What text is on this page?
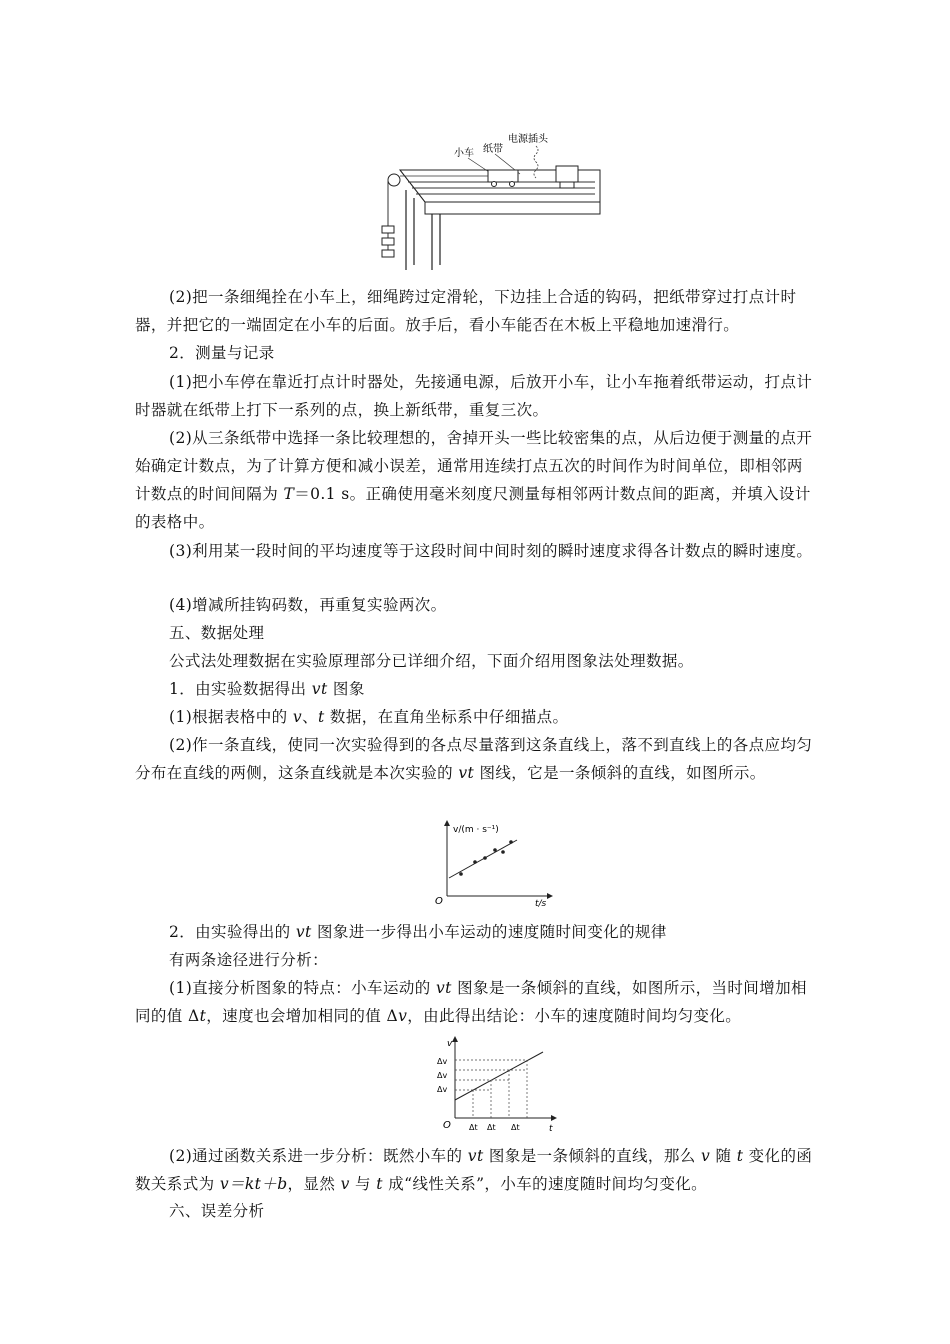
小车 纸带
电源插头

(2)把一条细绳拴在小车上，细绳跨过定滑轮，下边挂上合适的钩码，把纸带穿过打点计时器，并把它的一端固定在小车的后面。放手后，看小车能否在木板上平稳地加速滑行。

2．测量与记录

(1)把小车停在靠近打点计时器处，先接通电源，后放开小车，让小车拖着纸带运动，打点计时器就在纸带上打下一系列的点，换上新纸带，重复三次。

(2)从三条纸带中选择一条比较理想的，舍掉开头一些比较密集的点，从后边便于测量的点开始确定计数点，为了计算方便和减小误差，通常用连续打点五次的时间作为时间单位，即相邻两计数点的时间间隔为 T＝0.1 s。正确使用毫米刻度尺测量每相邻两计数点间的距离，并填入设计的表格中。

(3)利用某一段时间的平均速度等于这段时间中间时刻的瞬时速度求得各计数点的瞬时速度。

(4)增减所挂钩码数，再重复实验两次。

五、数据处理

公式法处理数据在实验原理部分已详细介绍，下面介绍用图象法处理数据。

1．由实验数据得出 vt 图象

(1)根据表格中的 v、t 数据，在直角坐标系中仔细描点。

(2)作一条直线，使同一次实验得到的各点尽量落到这条直线上，落不到直线上的各点应均匀分布在直线的两侧，这条直线就是本次实验的 vt 图线，它是一条倾斜的直线，如图所示。

v/(m · s⁻¹)
t/s
O

2．由实验得出的 vt 图象进一步得出小车运动的速度随时间变化的规律

有两条途径进行分析：

(1)直接分析图象的特点：小车运动的 vt 图象是一条倾斜的直线，如图所示，当时间增加相同的值 Δt，速度也会增加相同的值 Δv，由此得出结论：小车的速度随时间均匀变化。

v
t
O
Δv
Δv
Δv
Δt Δt Δt

(2)通过函数关系进一步分析：既然小车的 vt 图象是一条倾斜的直线，那么 v 随 t 变化的函数关系式为 v＝kt＋b，显然 v 与 t 成“线性关系”，小车的速度随时间均匀变化。

六、误差分析
